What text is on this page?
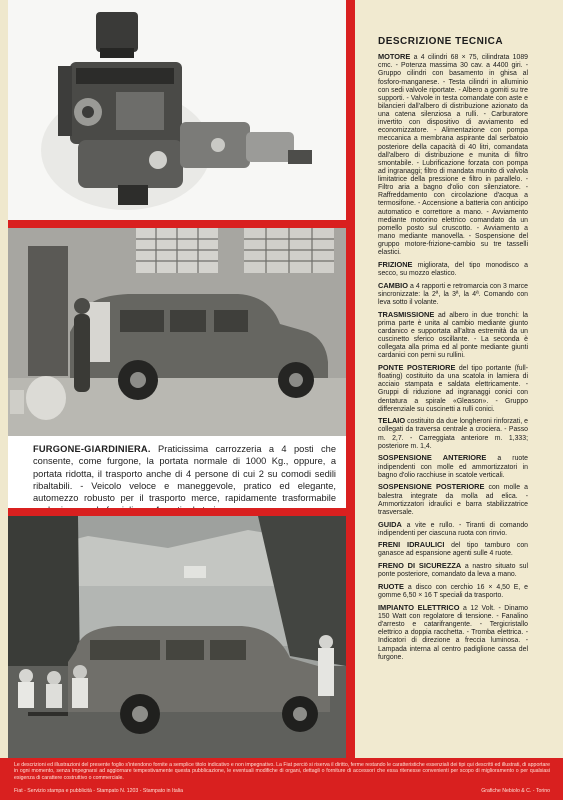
FURGONE-GIARDINIERA. Praticissima carrozzeria a 4 posti che consente, come furgone, la portata normale di 1000 Kg., oppure, a portata ridotta, il trasporto anche di 4 persone di cui 2 su comodi sedili ribaltabili. - Veicolo veloce e maneggevole, pratico ed elegante, automezzo robusto per il trasporto merce, rapidamente trasformabile
DESCRIZIONE TECNICA

MOTORE a 4 cilindri 68 × 75, cilindrata 1089 cmc. - Potenza massima 30 cav. a 4400 giri. - Gruppo cilindri con basamento in ghisa al fosforo-manganese. - Testa cilindri in alluminio con sedi valvole riportate. - Albero a gomiti su tre supporti. - Valvole in testa comandate con aste e bilancieri dall'albero di distribuzione azionato da una catena silenziosa a rulli. - Carburatore invertito con dispositivo di avviamento ed economizzatore. - Alimentazione con pompa meccanica a membrana aspirante dal serbatoio posteriore della capacità di 40 litri, comandata dall'albero di distribuzione e munita di filtro smontabile. - Lubrificazione forzata con pompa ad ingranaggi; filtro di mandata munito di valvola limitatrice della pressione e filtro in parallelo. - Filtro aria a bagno d'olio con silenziatore. - Raffreddamento con circolazione d'acqua a termosifone. - Accensione a batteria con anticipo automatico e correttore a mano. - Avviamento mediante motorino elettrico comandato da un pomello posto sul cruscotto. - Avviamento a mano mediante manovella. - Sospensione del gruppo motore-frizione-cambio su tre tasselli elastici.

FRIZIONE migliorata, del tipo monodisco a secco, su mozzo elastico.

CAMBIO a 4 rapporti e retromarcia con 3 marce sincronizzate: la 2ª, la 3ª, la 4ª. Comando con leva sotto il volante.

TRASMISSIONE ad albero in due tronchi: la prima parte è unita al cambio mediante giunto cardanico e supportata all'altra estremità da un cuscinetto sferico oscillante. - La seconda è collegata alla prima ed al ponte mediante giunti cardanici con perni su rullini.

PONTE POSTERIORE del tipo portante (full-floating) costituito da una scatola in lamiera di acciaio stampata e saldata elettricamente. - Gruppi di riduzione ad ingranaggi conici con dentatura a spirale «Gleason». - Gruppo differenziale su cuscinetti a rulli conici.

TELAIO costituito da due longheroni rinforzati, e collegati da traversa centrale a crociera. - Passo m. 2,7. - Carreggiata anteriore m. 1,333; posteriore m. 1,4.

SOSPENSIONE ANTERIORE a ruote indipendenti con molle ed ammortizzatori in bagno d'olio racchiuse in scatole verticali.

SOSPENSIONE POSTERIORE con molle a balestra integrate da molla ad elica. - Ammortizzatori idraulici e barra stabilizzatrice trasversale.

GUIDA a vite e rullo. - Tiranti di comando indipendenti per ciascuna ruota con rinvio.

FRENI IDRAULICI del tipo tamburo con ganasce ad espansione agenti sulle 4 ruote.

FRENO DI SICUREZZA a nastro situato sul ponte posteriore, comandato da leva a mano.

RUOTE a disco con cerchio 16 × 4,50 E, e gomme 6,50 × 16 T speciali da trasporto.

IMPIANTO ELETTRICO a 12 Volt. - Dinamo 150 Watt con regolatore di tensione. - Fanalino d'arresto e catarifrangente. - Tergicristallo elettrico a doppia racchetta. - Tromba elettrica. - Indicatori di direzione a freccia luminosa. - Lampada interna al centro padiglione cassa del furgone.

Le descrizioni ed illustrazioni del presente foglio s'intendono fornite a semplice titolo indicativo e non impegnativo. La Fiat perciò si riserva il diritto, ferme restando le caratteristiche essenziali dei tipi qui descritti ed illustrati, di apportare in ogni momento, senza impegnarsi ad aggiornare tempestivamente questa pubblicazione, le eventuali modifiche di organi, dettagli o forniture di accessori che essa ritenesse convenienti per scopo di miglioramento o per qualsiasi esigenza di carattere costruttivo o commerciale.
Fiat - Servizio stampa e pubblicità - Stampato N. 1203 - Stampato in Italia	Grafiche Nebiolo & C. - Torino
